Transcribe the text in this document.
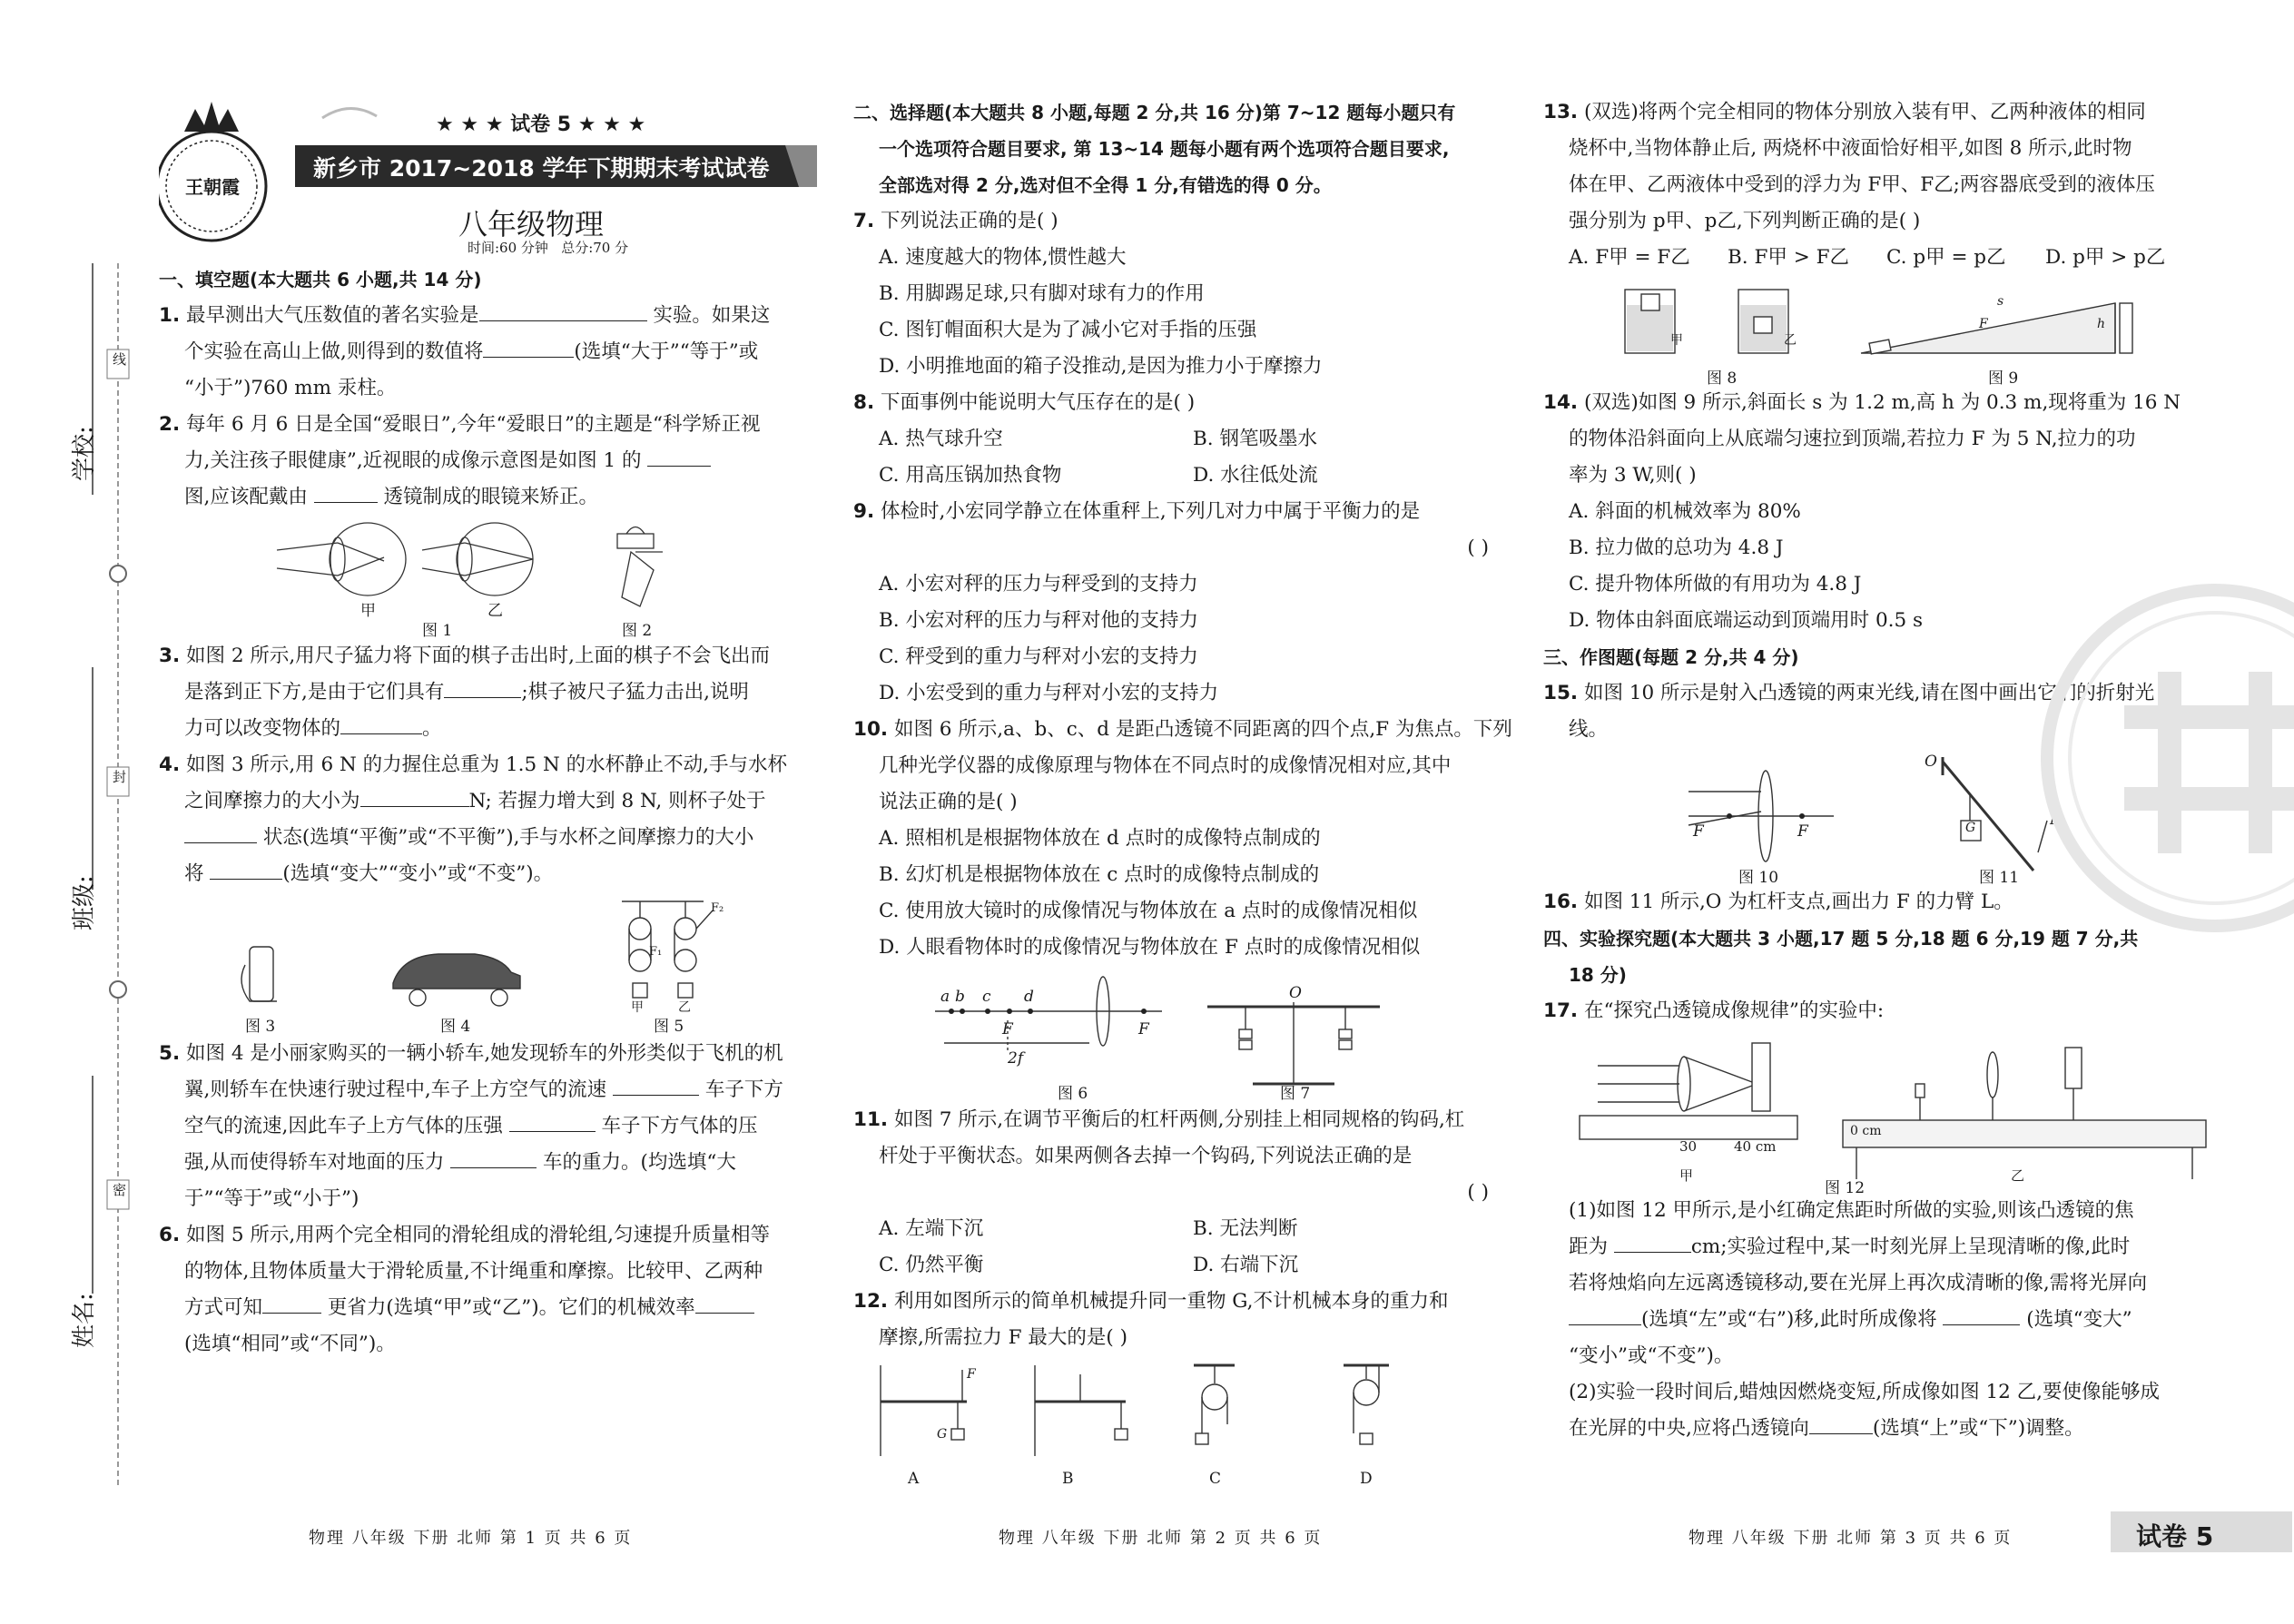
线
封
密
学校:
班级:
姓名:
王朝霞
★ ★ ★ 试卷 5 ★ ★ ★
新乡市 2017~2018 学年下期期末考试试卷
八年级物理
时间:60 分钟   总分:70 分
一、填空题(本大题共 6 小题,共 14 分)
1. 最早测出大气压数值的著名实验是	实验。如果这
个实验在高山上做,则得到的数值将	(选填“大于”“等于”或
“小于”)760 mm 汞柱。
2. 每年 6 月 6 日是全国“爱眼日”,今年“爱眼日”的主题是“科学矫正视
力,关注孩子眼健康”,近视眼的成像示意图是如图 1 的
图,应该配戴由	透镜制成的眼镜来矫正。
甲	乙
图 1	图 2
3. 如图 2 所示,用尺子猛力将下面的棋子击出时,上面的棋子不会飞出而
是落到正下方,是由于它们具有	;棋子被尺子猛力击出,说明
力可以改变物体的	。
4. 如图 3 所示,用 6 N 的力握住总重为 1.5 N 的水杯静止不动,手与水杯
之间摩擦力的大小为	N; 若握力增大到 8 N, 则杯子处于
状态(选填“平衡”或“不平衡”),手与水杯之间摩擦力的大小
将	(选填“变大”“变小”或“不变”)。
F₁
F₂
甲	乙
图 3	图 4	图 5
5. 如图 4 是小丽家购买的一辆小轿车,她发现轿车的外形类似于飞机的机
翼,则轿车在快速行驶过程中,车子上方空气的流速	车子下方
空气的流速,因此车子上方气体的压强	车子下方气体的压
强,从而使得轿车对地面的压力	车的重力。(均选填“大
于”“等于”或“小于”)
6. 如图 5 所示,用两个完全相同的滑轮组成的滑轮组,匀速提升质量相等
的物体,且物体质量大于滑轮质量,不计绳重和摩擦。比较甲、乙两种
方式可知	更省力(选填“甲”或“乙”)。它们的机械效率
(选填“相同”或“不同”)。
二、选择题(本大题共 8 小题,每题 2 分,共 16 分)第 7~12 题每小题只有
一个选项符合题目要求, 第 13~14 题每小题有两个选项符合题目要求,
全部选对得 2 分,选对但不全得 1 分,有错选的得 0 分。
7. 下列说法正确的是( )
A. 速度越大的物体,惯性越大
B. 用脚踢足球,只有脚对球有力的作用
C. 图钉帽面积大是为了减小它对手指的压强
D. 小明推地面的箱子没推动,是因为推力小于摩擦力
8. 下面事例中能说明大气压存在的是( )
A. 热气球升空	B. 钢笔吸墨水
C. 用高压锅加热食物	D. 水往低处流
9. 体检时,小宏同学静立在体重秤上,下列几对力中属于平衡力的是
( )
A. 小宏对秤的压力与秤受到的支持力
B. 小宏对秤的压力与秤对他的支持力
C. 秤受到的重力与秤对小宏的支持力
D. 小宏受到的重力与秤对小宏的支持力
10. 如图 6 所示,a、b、c、d 是距凸透镜不同距离的四个点,F 为焦点。下列
几种光学仪器的成像原理与物体在不同点时的成像情况相对应,其中
说法正确的是( )
A. 照相机是根据物体放在 d 点时的成像特点制成的
B. 幻灯机是根据物体放在 c 点时的成像特点制成的
C. 使用放大镜时的成像情况与物体放在 a 点时的成像情况相似
D. 人眼看物体时的成像情况与物体放在 F 点时的成像情况相似
a b c d
F	F
2f
O
图 6	图 7
11. 如图 7 所示,在调节平衡后的杠杆两侧,分别挂上相同规格的钩码,杠
杆处于平衡状态。如果两侧各去掉一个钩码,下列说法正确的是
( )
A. 左端下沉	B. 无法判断
C. 仍然平衡	D. 右端下沉
12. 利用如图所示的简单机械提升同一重物 G,不计机械本身的重力和
摩擦,所需拉力 F 最大的是( )
A	B	C	D
F
G
13. (双选)将两个完全相同的物体分别放入装有甲、乙两种液体的相同
烧杯中,当物体静止后, 两烧杯中液面恰好相平,如图 8 所示,此时物
体在甲、乙两液体中受到的浮力为 F甲、F乙;两容器底受到的液体压
强分别为 p甲、p乙,下列判断正确的是( )
A. F甲 = F乙 B. F甲 > F乙 C. p甲 = p乙 D. p甲 > p乙
甲	乙
s
h
F
图 8	图 9
14. (双选)如图 9 所示,斜面长 s 为 1.2 m,高 h 为 0.3 m,现将重为 16 N
的物体沿斜面向上从底端匀速拉到顶端,若拉力 F 为 5 N,拉力的功
率为 3 W,则( )
A. 斜面的机械效率为 80%
B. 拉力做的总功为 4.8 J
C. 提升物体所做的有用功为 4.8 J
D. 物体由斜面底端运动到顶端用时 0.5 s
三、作图题(每题 2 分,共 4 分)
15. 如图 10 所示是射入凸透镜的两束光线,请在图中画出它们的折射光
线。
F	F
O
G	F
图 10	图 11
16. 如图 11 所示,O 为杠杆支点,画出力 F 的力臂 L。
四、实验探究题(本大题共 3 小题,17 题 5 分,18 题 6 分,19 题 7 分,共
18 分)
17. 在“探究凸透镜成像规律”的实验中:
30	40 cm
0 cm
甲	乙
图 12
(1)如图 12 甲所示,是小红确定焦距时所做的实验,则该凸透镜的焦
距为	cm;实验过程中,某一时刻光屏上呈现清晰的像,此时
若将烛焰向左远离透镜移动,要在光屏上再次成清晰的像,需将光屏向
(选填“左”或“右”)移,此时所成像将	(选填“变大”
“变小”或“不变”)。
(2)实验一段时间后,蜡烛因燃烧变短,所成像如图 12 乙,要使像能够成
在光屏的中央,应将凸透镜向	(选填“上”或“下”)调整。
物理 八年级 下册 北师 第 1 页 共 6 页	物理 八年级 下册 北师 第 2 页 共 6 页	物理 八年级 下册 北师 第 3 页 共 6 页	试卷 5
